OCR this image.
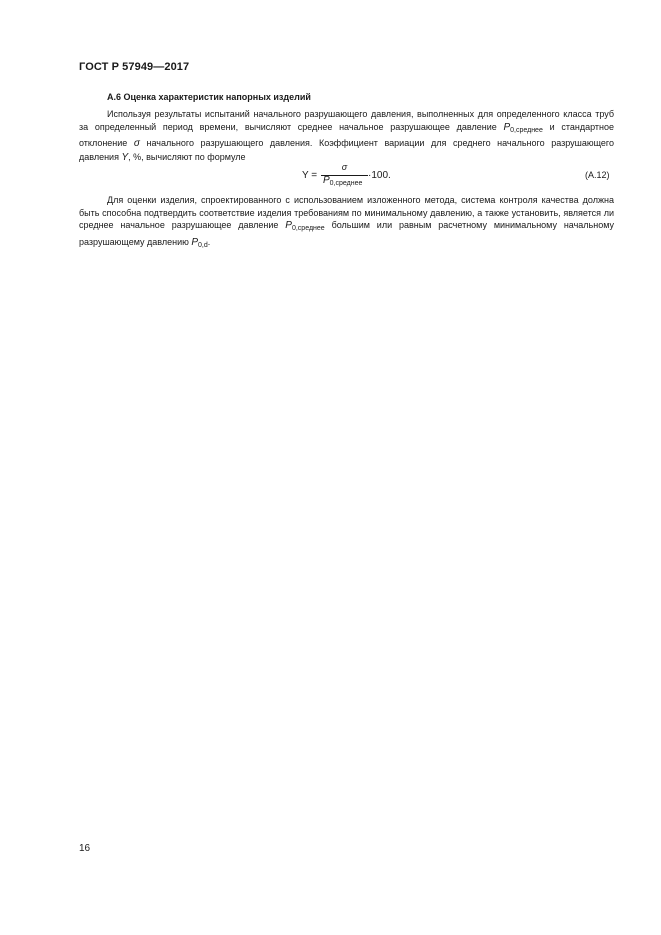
ГОСТ Р 57949—2017
А.6 Оценка характеристик напорных изделий

Используя результаты испытаний начального разрушающего давления, выполненных для определенного класса труб за определенный период времени, вычисляют среднее начальное разрушающее давление $P_{0,среднее}$ и стандартное отклонение σ начального разрушающего давления. Коэффициент вариации для среднего начального разрушающего давления Y, %, вычисляют по формуле

Y =
σ
$P_{0,среднее}$
·100.	(А.12)

Для оценки изделия, спроектированного с использованием изложенного метода, система контроля качества должна быть способна подтвердить соответствие изделия требованиям по минимальному давлению, а также установить, является ли среднее начальное разрушающее давление $P_{0,среднее}$ большим или равным расчетному минимальному начальному разрушающему давлению $P_{0,d}$.

16
